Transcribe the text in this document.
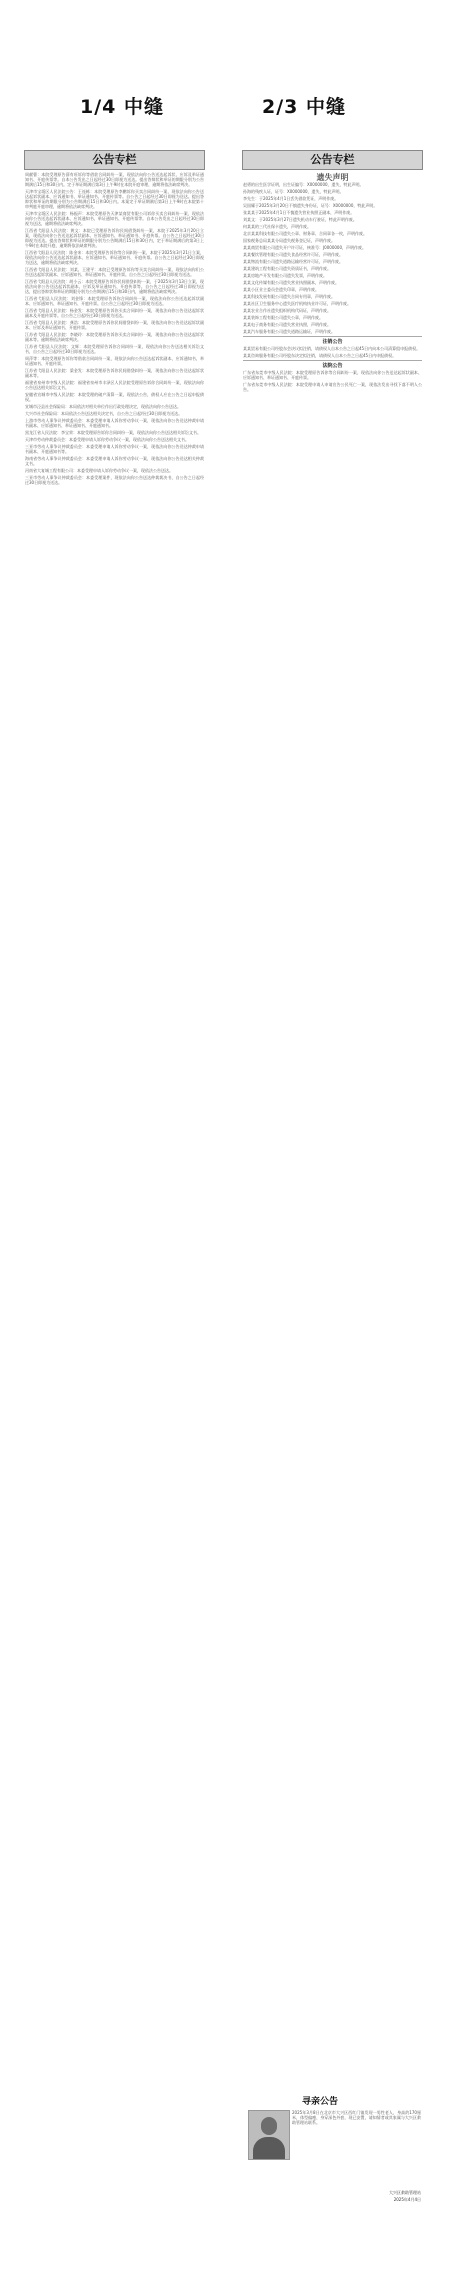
1/4 中缝	2/3 中缝
公告专栏
周献曹：本院受理原告薛有旺诉你等借款合同纠纷一案，现依法向你公告送达起诉状、应诉及举证通知书、开庭传票等。自本公告发出之日起经过30日即视为送达。提出答辩状和举证的期限分别为公告期满后15日和30日内。定于举证期满后第3日上午9时在本院开庭审理，逾期将依法缺席判决。
天津市宝坻区人民法院公告：王连栋：本院受理原告李鹏诉你买卖合同纠纷一案，现依法向你公告送达起诉状副本、应诉通知书、举证通知书、开庭传票等。自公告之日起经过30日即视为送达。提出答辩状和举证的期限分别为公告期满后15日和30日内。本案定于举证期满后第3日上午9时在本院第十审判庭开庭审理，逾期将依法缺席判决。
天津市宝坻区人民法院：杨振声：本院受理原告天津某商贸有限公司诉你买卖合同纠纷一案，现依法向你公告送达起诉状副本、应诉通知书、举证通知书、开庭传票等。自本公告发出之日起经过30日即视为送达，逾期将依法缺席判决。
江西省弋阳县人民法院：黄文：本院已受理原告诉你民间借贷纠纷一案，本院于2025年3月20日立案，现依法向你公告送达起诉状副本、应诉通知书、举证通知书、开庭传票。自公告之日起经过30日即视为送达。提出答辩状和举证的期限分别为公告期满后15日和30日内，定于举证期满后的第3日上午9时在本院开庭，逾期将依法缺席判决。
江西省弋阳县人民法院：陈金来：本院受理原告诉你等合同纠纷一案，本院于2025年3月21日立案，现依法向你公告送达起诉状副本、应诉通知书、举证通知书、开庭传票。自公告之日起经过30日即视为送达，逾期将依法缺席判决。
江西省弋阳县人民法院：刘某、王建平：本院已受理原告诉你等买卖合同纠纷一案，现依法向你们公告送达起诉状副本、应诉通知书、举证通知书、开庭传票。自公告之日起经过30日即视为送达。
江西省弋阳县人民法院：胡小云：本院受理原告诉你民间借贷纠纷一案，于2025年3月13日立案，现依法向你公告送达起诉状副本、应诉及举证通知书、开庭传票等。自公告之日起经过30日即视为送达，提出答辩状和举证的期限分别为公告期满后15日和30日内，逾期将依法缺席判决。
江西省弋阳县人民法院：刘金锋：本院受理原告诉你合同纠纷一案，现依法向你公告送达起诉状副本、应诉通知书、举证通知书、开庭传票。自公告之日起经过30日即视为送达。
江西省弋阳县人民法院：杨金发：本院受理原告诉你买卖合同纠纷一案，现依法向你公告送达起诉状副本及开庭传票等。自公告之日起经过30日即视为送达。
江西省弋阳县人民法院：龚浩：本院受理原告诉你民间借贷纠纷一案，现依法向你公告送达起诉状副本、应诉及举证通知书、开庭传票。
江苏省弋阳县人民法院：李晓玲：本院受理原告诉你买卖合同纠纷一案，现依法向你公告送达起诉状副本等。逾期将依法缺席判决。
江苏省弋阳县人民法院：文辉：本院受理原告诉你合同纠纷一案，现依法向你公告送达相关诉讼文书，自公告之日起经过30日即视为送达。
周萍等：本院受理原告诉你等借款合同纠纷一案，现依法向你公告送达起诉状副本、应诉通知书、举证通知书、开庭传票。
江苏省弋阳县人民法院：梁金发：本院受理原告诉你民间借贷纠纷一案，现依法向你公告送达起诉状副本等。
福建省泉州市中级人民法院：福建省泉州市丰泽区人民法院受理原告诉你合同纠纷一案，现依法向你公告送达相关诉讼文书。
安徽省宣城市中级人民法院：本院受理的破产清算一案，现依法公告，债权人应在公告之日起申报债权。
宣城市泾县社会保险局：本局依法对相关单位作出行政处理决定，现依法向你公告送达。
大兴市社会保险局：本局依法公告送达相关决定书，自公告之日起经过30日即视为送达。
上游市劳动人事争议仲裁委员会：本委受理申请人诉你劳动争议一案，现依法向你公告送达仲裁申请书副本、应诉通知书、举证通知书、开庭通知书。
黑龙江省人民法院：李宝荣：本院受理原告诉你合同纠纷一案，现依法向你公告送达相关诉讼文书。
天津市劳动仲裁委员会：本委受理申请人诉你劳动争议一案，现依法向你公告送达相关文书。
三亚市劳动人事争议仲裁委员会：本委受理申请人诉你劳动争议一案，现依法向你公告送达仲裁申请书副本、开庭通知书等。
海南省劳动人事争议仲裁委员会：本委受理申请人诉你劳动争议一案，现依法向你公告送达相关仲裁文书。
河南省大复城工程有限公司：本委受理申请人诉你劳动争议一案，现依法公告送达。
三亚市劳动人事争议仲裁委员会：本委受理案件，现依法向你公告送达仲裁裁决书，自公告之日起经过30日即视为送达。
公告专栏
遗失声明
赵勇的出生医学证明，出生证编号：X0000000，遗失，特此声明。
孙海的残疾人证，证号：X0000000，遗失，特此声明。
李先生：于2025年4月1日丢失借款凭证，声明作废。
吴国耀于2025年3月20日不慎遗失身份证，证号：X0000000，特此声明。
张某某于2025年4月1日不慎遗失营业执照正副本，声明作废。
刘某文：于2025年3月27日遗失机动车行驶证，特此声明作废。
何某某的三代社保卡遗失，声明作废。
北京某某科技有限公司遗失公章、财务章、合同章各一枚，声明作废。
国家税务总局某某分局遗失税务登记证，声明作废。
某某商贸有限公司遗失开户许可证，核准号：J0000000，声明作废。
某某餐饮管理有限公司遗失食品经营许可证，声明作废。
某某物流有限公司遗失道路运输经营许可证，声明作废。
某某建筑工程有限公司遗失资质证书，声明作废。
某某房地产开发有限公司遗失发票，声明作废。
某某文化传媒有限公司遗失营业执照副本，声明作废。
某某小区业主委员会遗失印章，声明作废。
某某科技发展有限公司遗失合同专用章，声明作废。
某某社区卫生服务中心遗失医疗机构执业许可证，声明作废。
某某农业合作社遗失组织机构代码证，声明作废。
某某装饰工程有限公司遗失公章，声明作废。
某某电子商务有限公司遗失营业执照，声明作废。
某某汽车服务有限公司遗失道路运输证，声明作废。
注销公告
某某贸易有限公司经股东会决议拟注销，请债权人自本公告之日起45日内向本公司清算组申报债权。
某某咨询服务有限公司经股东决定拟注销，请债权人自本公告之日起45日内申报债权。
法院公告
广东省东莞市中级人民法院：本院受理原告诉你等合同纠纷一案，现依法向你公告送达起诉状副本、应诉通知书、举证通知书、开庭传票。
广东省东莞市中级人民法院：本院受理申请人申请宣告公民死亡一案，现依法发出寻找下落不明人公告。
寻亲公告
2025年3月8日在北京市大兴区西红门镇发现一男性老人，身高约170厘米，体型偏瘦，身穿深色外套，现已安置，请知情者或其家属与大兴区救助管理站联系。
大兴区救助管理站
2025年4月4日
